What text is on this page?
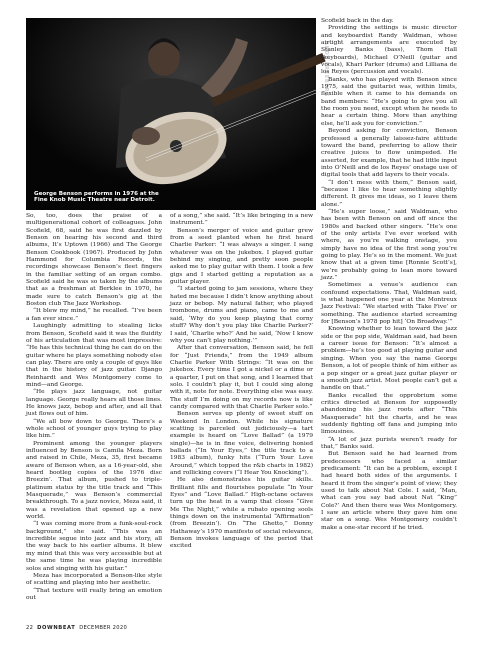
ANDY FREEBERG
George Benson performs in 1976 at the Fine Knob Music Theatre near Detroit.

So, too, does the praise of a multigenerational cohort of colleagues. John Scofield, 68, said he was first dazzled by Benson on hearing his second and third albums, It’s Uptown (1966) and The George Benson Cookbook (1967). Produced by John Hammond for Columbia Records, the recordings showcase Benson’s fleet fingers in the familiar setting of an organ combo. Scofield said he was so taken by the albums that as a freshman at Berklee in 1970, he made sure to catch Benson’s gig at the Boston club The Jazz Workshop.

“It blew my mind,” he recalled. “I’ve been a fan ever since.”

Laughingly admitting to stealing licks from Benson, Scofield said it was the fluidity of his articulation that was most impressive: “He has this technical thing he can do on the guitar where he plays something nobody else can play. There are only a couple of guys like that in the history of jazz guitar. Django Reinhardt and Wes Montgomery come to mind—and George.

“He plays jazz language, not guitar language. George really hears all those lines. He knows jazz, bebop and after, and all that just flows out of him.

“We all bow down to George. There’s a whole school of younger guys trying to play like him.”

Prominent among the younger players influenced by Benson is Camila Meza. Born and raised in Chile, Meza, 35, first became aware of Benson when, as a 16-year-old, she heard bootleg copies of the 1976 disc Breezin’. That album, pushed to triple-platinum status by the title track and “This Masquerade,” was Benson’s commercial breakthrough. To a jazz novice, Meza said, it was a revelation that opened up a new world.

“I was coming more from a funk-soul-rock background,” she said. “This was an incredible segue into jazz and his story, all the way back to his earlier albums. It blew my mind that this was very accessible but at the same time he was playing incredible solos and singing with his guitar.”

Meza has incorporated a Benson-like style of scatting and playing into her aesthetic.

“That texture will really bring an emotion out

of a song,” she said. “It’s like bringing in a new instrument.”

Benson’s merger of voice and guitar grew from a seed planted when he first heard Charlie Parker: “I was always a singer. I sang whatever was on the jukebox. I played guitar behind my singing, and pretty soon people asked me to play guitar with them. I took a few gigs and I started getting a reputation as a guitar player.

“I started going to jam sessions, where they hated me because I didn’t know anything about jazz or bebop. My natural father, who played trombone, drums and piano, came to me and said, ‘Why do you keep playing that corny stuff? Why don’t you play like Charlie Parker?’ I said, ‘Charlie who?’ And he said, ‘Now I know why you can’t play nothing.’”

After that conversation, Benson said, he fell for “Just Friends,” from the 1949 album Charlie Parker With Strings: “It was on the jukebox. Every time I got a nickel or a dime or a quarter, I put on that song, and I learned that solo. I couldn’t play it, but I could sing along with it, note for note. Everything else was easy. The stuff I’m doing on my records now is like candy compared with that Charlie Parker solo.”

Benson serves up plenty of sweet stuff on Weekend In London. While his signature scatting is parceled out judiciously—a tart example is heard on “Love Ballad” (a 1979 single)—he is in fine voice, delivering honied ballads (“In Your Eyes,” the title track to a 1983 album), funky hits (“Turn Your Love Around,” which topped the r&b charts in 1982) and rollicking covers (“I Hear You Knocking”).

He also demonstrates his guitar skills. Brilliant fills and flourishes populate “In Your Eyes” and “Love Ballad.” High-octane octaves turn up the heat in a vamp that closes “Give Me The Night,” while a rubato opening sools things down on the instrumental “Affirmation” (from Breezin’). On “The Ghetto,” Donny Hathaway’s 1970 manifesto of social relevance, Benson invokes language of the period that excited

Scofield back in the day.

Providing the settings is music director and keyboardist Randy Waldman, whose airtight arrangements are executed by Stanley Banks (bass), Thom Hall (keyboards), Michael O’Neill (guitar and vocals), Khari Parker (drums) and Lilliana de los Reyes (percussion and vocals).

Banks, who has played with Benson since 1975, said the guitarist was, within limits, flexible when it came to his demands on band members: “He’s going to give you all the room you need, except when he needs to hear a certain thing. More than anything else, he’ll ask you for conviction.”

Beyond asking for conviction, Benson professed a generally laissez-faire attitude toward the band, preferring to allow their creative juices to flow unimpeded. He asserted, for example, that he had little input into O’Neill and de los Reyes’ onstage use of digital tools that add layers to their vocals.

“I don’t mess with them,” Benson said, “because I like to hear something slightly different. It gives me ideas, so I leave them alone.”

“He’s super loose,” said Waldman, who has been with Benson on and off since the 1980s and backed other singers. “He’s one of the only artists I’ve ever worked with where, as you’re walking onstage, you simply have no idea of the first song you’re going to play. He’s so in the moment. We just know that at a given time [Ronnie Scott’s], we’re probably going to lean more toward jazz.”

Sometimes a venue’s audience can confound expectations. That, Waldman said, is what happened one year at the Montreux Jazz Festival: “We started with ‘Take Five’ or something. The audience started screaming for [Benson’s 1978 pop hit] ‘On Broadway.’”

Knowing whether to lean toward the jazz side or the pop side, Waldman said, had been a career issue for Benson: “It’s almost a problem—he’s too good at playing guitar and singing. When you say the name George Benson, a lot of people think of him either as a pop singer or a great jazz guitar player or a smooth jazz artist. Most people can’t get a handle on that.”

Banks recalled the opprobrium some critics directed at Benson for supposedly abandoning his jazz roots after “This Masquerade” hit the charts, and he was suddenly fighting off fans and jumping into limousines.

“A lot of jazz purists weren’t ready for that,” Banks said.

But Benson said he had learned from predecessors who faced a similar predicament: “It can be a problem, except I had heard both sides of the arguments. I heard it from the singer’s point of view; they used to talk about Nat Cole. I said, ‘Man, what can you say bad about Nat “King” Cole?’ And then there was Wes Montgomery. I saw an article where they gave him one star on a song. Wes Montgomery couldn’t make a one-star record if he tried.

22 DOWNBEAT DECEMBER 2020
